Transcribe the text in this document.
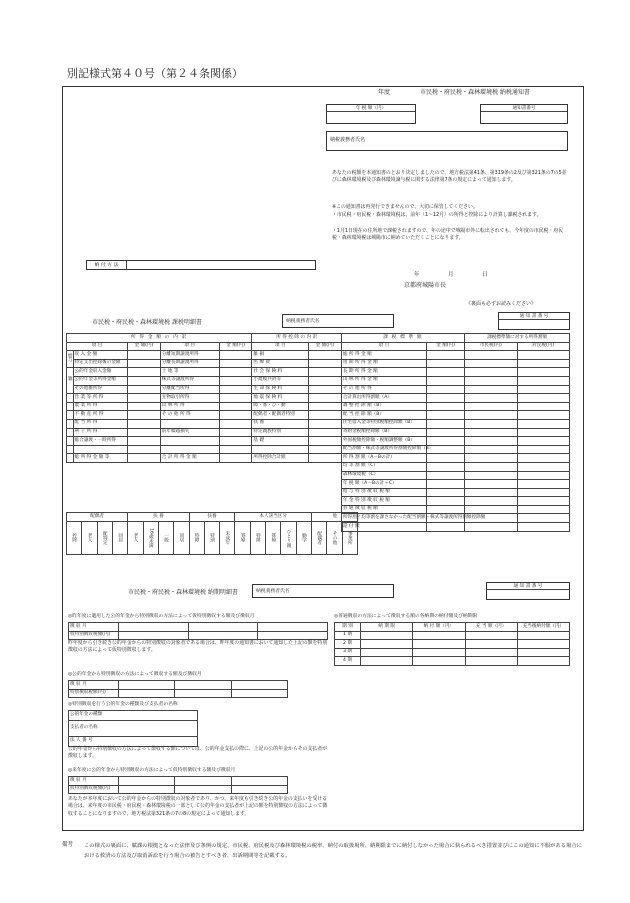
別記様式第４０号（第２４条関係）
年度	市民税・府民税・森林環境税 納税通知書
年 税 額（円）	通知書番号
納税義務者氏名
あなたの税額を本通知書のとおり決定しましたので、地方税法第41条、第319条の2及び第321条の7の5並びに森林環境税及び森林環境譲与税に関する法律第7条の規定によって通知します。
※この通知書は再発行できませんので、大切に保管してください。
・市民税・府民税・森林環境税は、前年（1〜12月）の所得と控除により計算し課税されます。
・1月1日現在の住所地で課税されますので、年の途中で城陽市外に転出されても、今年度の市民税・府民税・森林環境税は城陽市に納めていただくことになります。
納 付 方 法
年	月	日
京都府城陽市長
《裏面も必ずお読みください》
市民税・府民税・森林環境税 課税明細書	納税義務者氏名
通 知 書 番 号
所 得 金 額 の 内 訳					所 得 控 除 の 内 訳		課 税 標 準 額		課税標準額に対する所得割額	
項 目		金 額(円)	項 目	金 額(円)	項 目	金 額(円)	項 目	金 額(円)	市民税(円)	府民税(円)
給与	収 入 金 額		分離短期譲渡所得		雑 損		総 所 得 金 額			
	特定支出控除後の金額		分離長期譲渡所得		医 療 費		短 期 所 得 金 額			
雑	公的年金収入金額		土 地 等		社 会 保 険 料		長 期 所 得 金 額			
	公的年金等所得金額		株式等譲渡所得		小規模共済等		山 林 所 得 金 額			
	その他雑所得		分離配当所得		生 命 保 険 料		そ の 他 所 得			
	営 業 等 所 得		先物取引所得		地 震 保 険 料		合計算出所得割額（A）			
	農 業 所 得		山 林 所 得		障・寡・ひ・勤		調 整 控 除 額（B）			
	不 動 産 所 得		そ の 他 所 得		配偶者・配偶者特別		配 当 控 除 額（B）			
	配 当 所 得				扶 養		住宅借入金等特別税額控除額（B）			
	利 子 所 得		前年繰越損失		特定親族特別		寄附金税額控除額（B）			
	総合譲渡・一時所得				基 礎		外国税額控除額・税額調整額（B）			
							配当割額・株式等譲渡所得割額控除額（B）			
	総 所 得 金 額 等		合 計 所 得 金 額		所得控除合計額		所 得 割 額（A－Bの計）			
							均 等 割 額（C）			
							森林環境税（C）			
							年 税 額（A－Bの計＋C）			
							給 与 特 別 徴 収 税 額			
							年 金 特 別 徴 収 税 額			
							普 通 徴 収 税 額			
							所得割と均等割を課さなかった配当割額・株式等譲渡所得割額控除額			
							還 付 額			
配偶者				扶 養				扶養			本人該当区分					他		
控除	老人	配特定	同居	老人	16歳未満	一般	同居	特障	特別	未成年	寡婦	特障	寡婦	ひとり親	勤学	配偶者	その他	事業所
市民税・府民税・森林環境税 納期明細書	納税義務者氏名
通 知 書 番 号
◎昨年度に適用した公的年金から特別徴収の方法によって仮特別徴収する額及び徴収月
徴 収 月			
仮特別徴収税額(円)			
昨年度から引き続き公的年金からの特別徴収の対象者である場合は、昨年度の通知書において通知した上記の額を特別徴収の方法によって仮特別徴収します。
◎公的年金から特別徴収の方法によって徴収する額及び徴収月
徴 収 月			
特別徴収税額(円)			
◎特別徴収を行う公的年金の種類及び支払者の名称
公的年金の種類
支払者の名称
法 人 番 号
公的年金から特別徴収の方法によって徴収する額については、公的年金支払の際に、上記の公的年金からその支払者が徴収します。
◎来年度に公的年金から特別徴収の方法によって仮特別徴収する額及び徴収月
徴 収 月			
仮特別徴収税額(円)			
あなたが本年度において公的年金からの特別徴収の対象者であり、かつ、来年度も引き続き公的年金の支払いを受ける場合は、来年度の市民税・府民税・森林環境税の一部として公的年金の支払者が上記の額を特別徴収の方法によって徴収することになりますので、地方税法第321条の7の8の規定によって通知します。
◎普通徴収の方法によって徴収する額の各納期の納付額及び納期限
期 別	納 期 限	納 付 額（円）	充 当 額（円）	充当後納付額（円）
1 期				
2 期				
3 期				
4 期				
備考 この様式の裏面に、賦課の根拠となった法律及び条例の規定、市民税、府民税及び森林環境税の税率、納付の取扱場所、納期限までに納付しなかった場合に執られるべき措置並びにこの通知に不服がある場合における救済の方法及び取消訴訟を行う場合の被告とすべき者、出訴期間等を記載する。
